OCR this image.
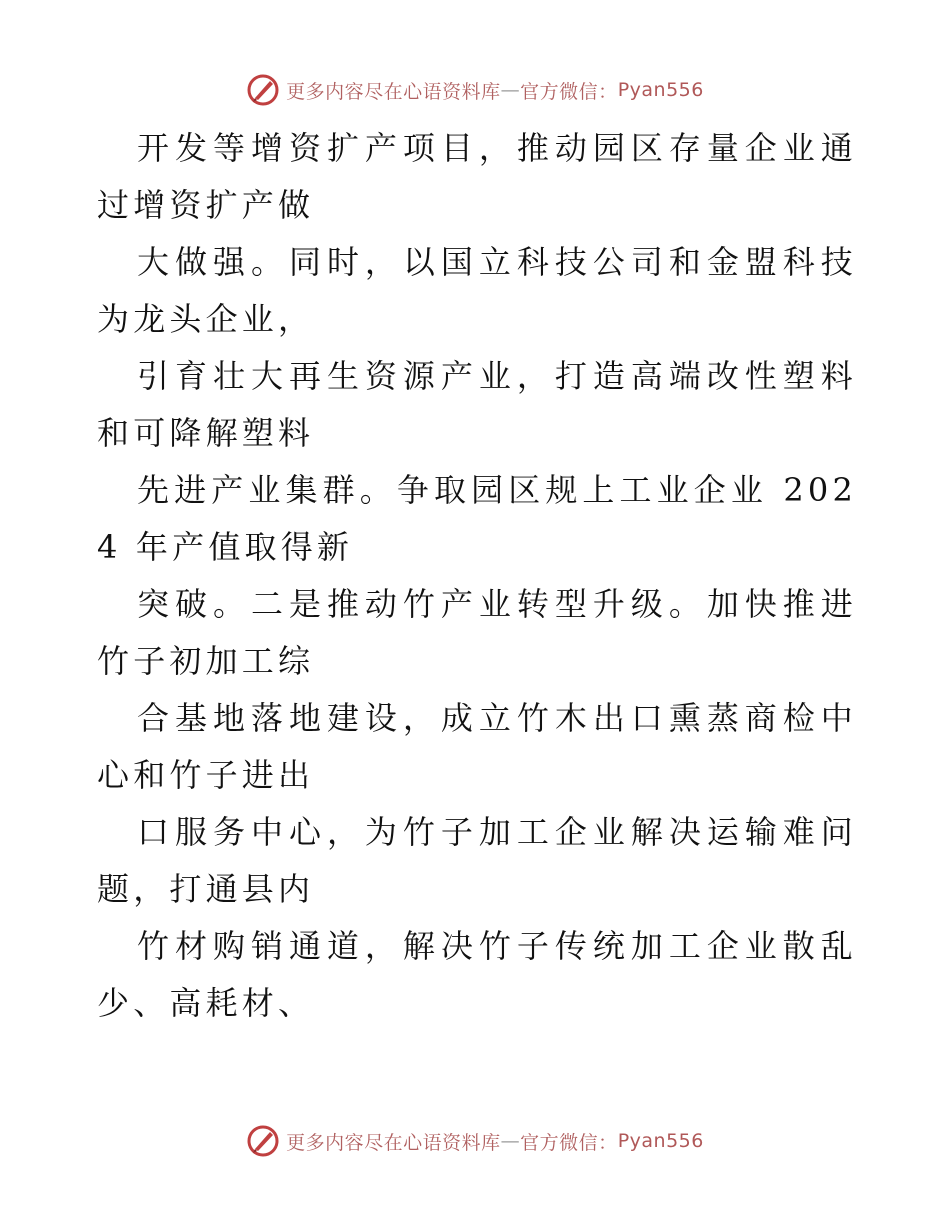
更多内容尽在心语资料库 — 官方微信： Pyan556

开发等增资扩产项目，推动园区存量企业通过增资扩产做

大做强。同时，以国立科技公司和金盟科技为龙头企业，

引育壮大再生资源产业，打造高端改性塑料和可降解塑料

先进产业集群。争取园区规上工业企业 2024 年产值取得新

突破。二是推动竹产业转型升级。加快推进竹子初加工综

合基地落地建设，成立竹木出口熏蒸商检中心和竹子进出

口服务中心，为竹子加工企业解决运输难问题，打通县内

竹材购销通道，解决竹子传统加工企业散乱少、高耗材、

更多内容尽在心语资料库 — 官方微信： Pyan556
